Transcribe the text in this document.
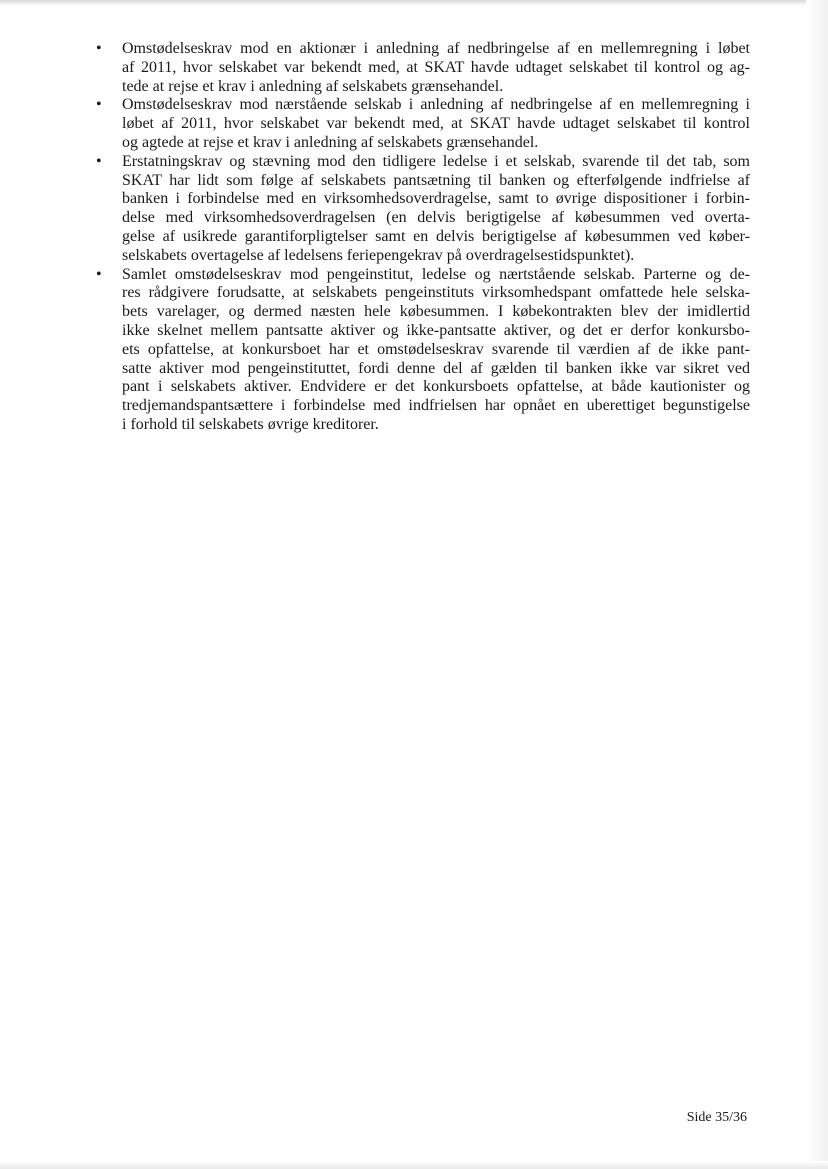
• Omstødelseskrav mod en aktionær i anledning af nedbringelse af en mellemregning i løbet
af 2011, hvor selskabet var bekendt med, at SKAT havde udtaget selskabet til kontrol og ag-
tede at rejse et krav i anledning af selskabets grænsehandel.
• Omstødelseskrav mod nærstående selskab i anledning af nedbringelse af en mellemregning i
løbet af 2011, hvor selskabet var bekendt med, at SKAT havde udtaget selskabet til kontrol
og agtede at rejse et krav i anledning af selskabets grænsehandel.
• Erstatningskrav og stævning mod den tidligere ledelse i et selskab, svarende til det tab, som
SKAT har lidt som følge af selskabets pantsætning til banken og efterfølgende indfrielse af
banken i forbindelse med en virksomhedsoverdragelse, samt to øvrige dispositioner i forbin-
delse med virksomhedsoverdragelsen (en delvis berigtigelse af købesummen ved overta-
gelse af usikrede garantiforpligtelser samt en delvis berigtigelse af købesummen ved køber-
selskabets overtagelse af ledelsens feriepengekrav på overdragelsestidspunktet).
• Samlet omstødelseskrav mod pengeinstitut, ledelse og nærtstående selskab. Parterne og de-
res rådgivere forudsatte, at selskabets pengeinstituts virksomhedspant omfattede hele selska-
bets varelager, og dermed næsten hele købesummen. I købekontrakten blev der imidlertid
ikke skelnet mellem pantsatte aktiver og ikke-pantsatte aktiver, og det er derfor konkursbo-
ets opfattelse, at konkursboet har et omstødelseskrav svarende til værdien af de ikke pant-
satte aktiver mod pengeinstituttet, fordi denne del af gælden til banken ikke var sikret ved
pant i selskabets aktiver. Endvidere er det konkursboets opfattelse, at både kautionister og
tredjemandspantsættere i forbindelse med indfrielsen har opnået en uberettiget begunstigelse
i forhold til selskabets øvrige kreditorer.
Side 35/36
